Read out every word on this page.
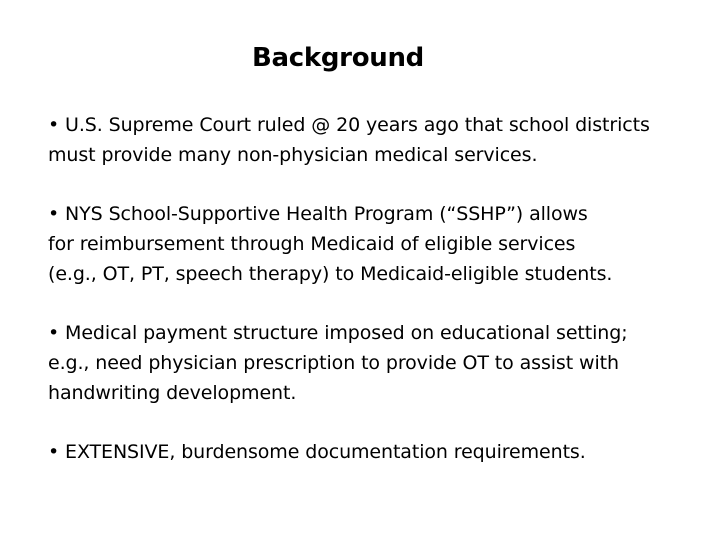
Background
• U.S. Supreme Court ruled @ 20 years ago that school districts
must provide many non-physician medical services.
• NYS School-Supportive Health Program (“SSHP”) allows
for reimbursement through Medicaid of eligible services
(e.g., OT, PT, speech therapy) to Medicaid-eligible students.
• Medical payment structure imposed on educational setting;
e.g., need physician prescription to provide OT to assist with
handwriting development.
• EXTENSIVE, burdensome documentation requirements.
